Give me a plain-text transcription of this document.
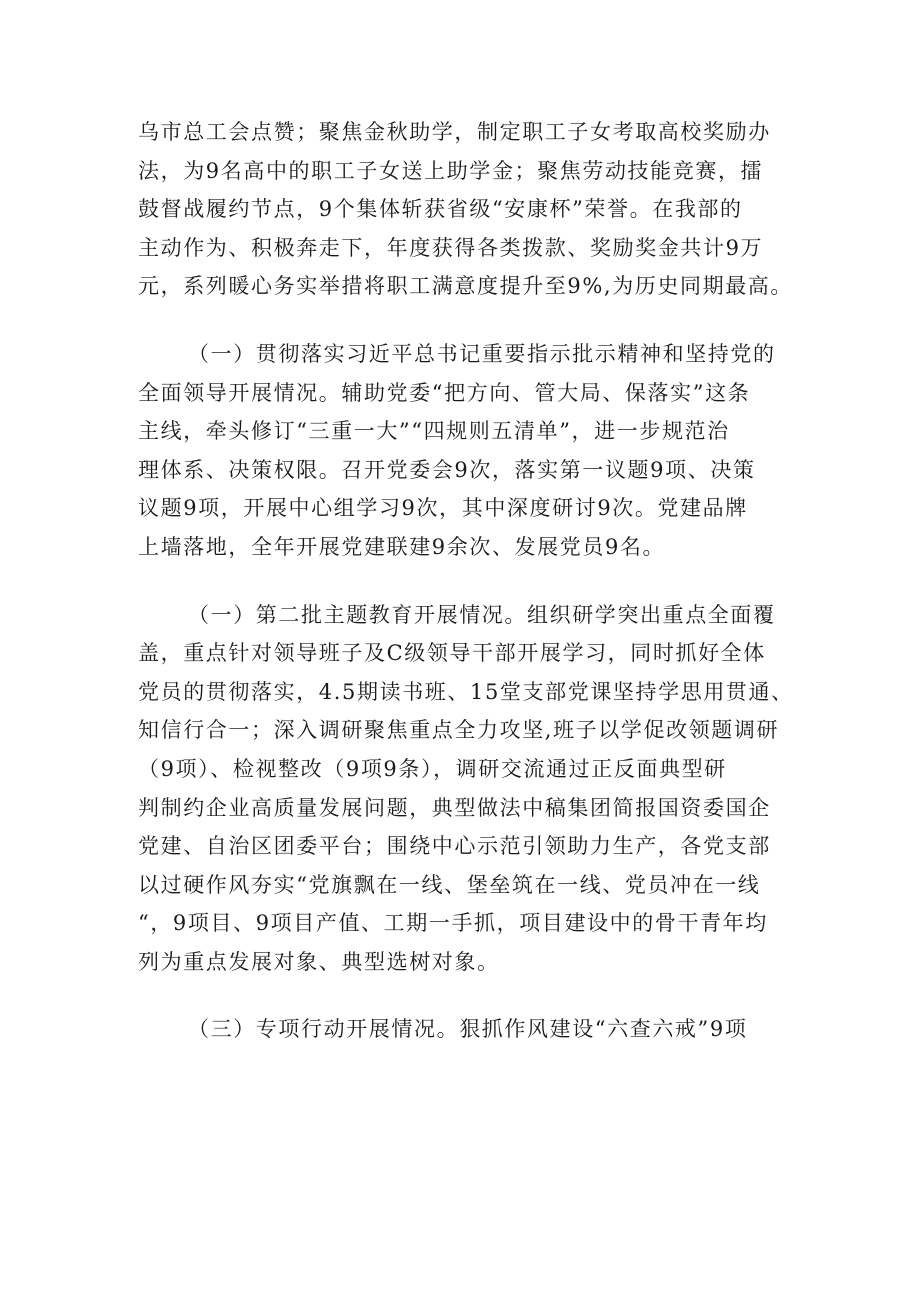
乌市总工会点赞；聚焦金秋助学，制定职工子女考取高校奖励办
法，为9名高中的职工子女送上助学金；聚焦劳动技能竞赛，擂
鼓督战履约节点，9个集体斩获省级“安康杯”荣誉。在我部的
主动作为、积极奔走下，年度获得各类拨款、奖励奖金共计9万
元，系列暖心务实举措将职工满意度提升至9%,为历史同期最高。
（一）贯彻落实习近平总书记重要指示批示精神和坚持党的
全面领导开展情况。辅助党委“把方向、管大局、保落实”这条
主线，牵头修订“三重一大”“四规则五清单”，进一步规范治
理体系、决策权限。召开党委会9次，落实第一议题9项、决策
议题9项，开展中心组学习9次，其中深度研讨9次。党建品牌
上墙落地，全年开展党建联建9余次、发展党员9名。
（一）第二批主题教育开展情况。组织研学突出重点全面覆
盖，重点针对领导班子及C级领导干部开展学习，同时抓好全体
党员的贯彻落实，4.5期读书班、15堂支部党课坚持学思用贯通、
知信行合一；深入调研聚焦重点全力攻坚,班子以学促改领题调研
（9项）、检视整改（9项9条），调研交流通过正反面典型研
判制约企业高质量发展问题，典型做法中稿集团简报国资委国企
党建、自治区团委平台；围绕中心示范引领助力生产，各党支部
以过硬作风夯实“党旗飘在一线、堡垒筑在一线、党员冲在一线
“，9项目、9项目产值、工期一手抓，项目建设中的骨干青年均
列为重点发展对象、典型选树对象。
（三）专项行动开展情况。狠抓作风建设“六查六戒”9项
